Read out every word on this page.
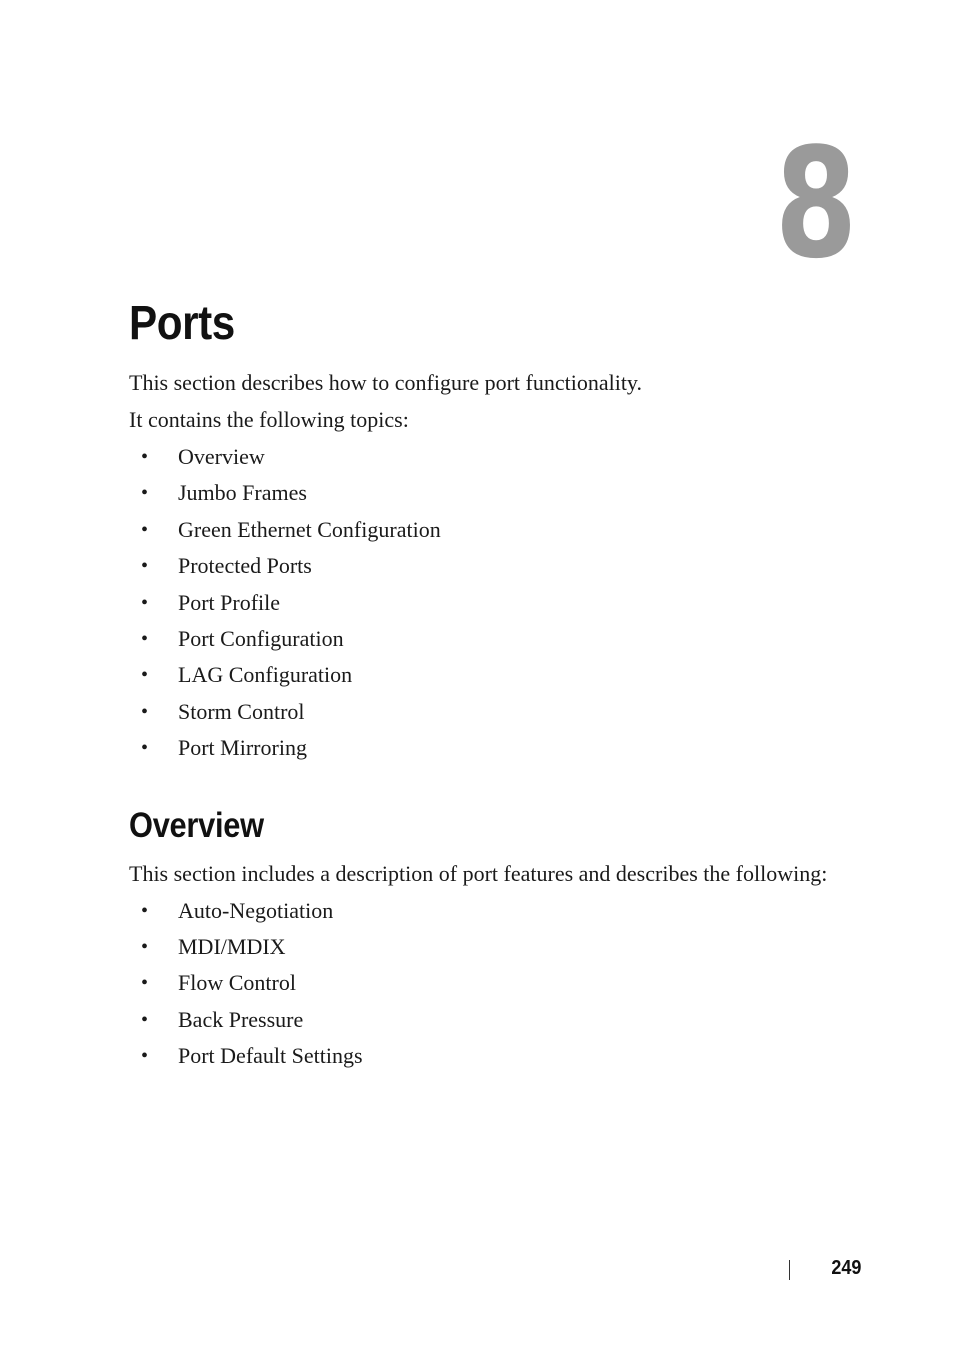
8
Ports

This section describes how to configure port functionality.

It contains the following topics:

• Overview
• Jumbo Frames
• Green Ethernet Configuration
• Protected Ports
• Port Profile
• Port Configuration
• LAG Configuration
• Storm Control
• Port Mirroring
Overview

This section includes a description of port features and describes the following:

• Auto-Negotiation
• MDI/MDIX
• Flow Control
• Back Pressure
• Port Default Settings
249
